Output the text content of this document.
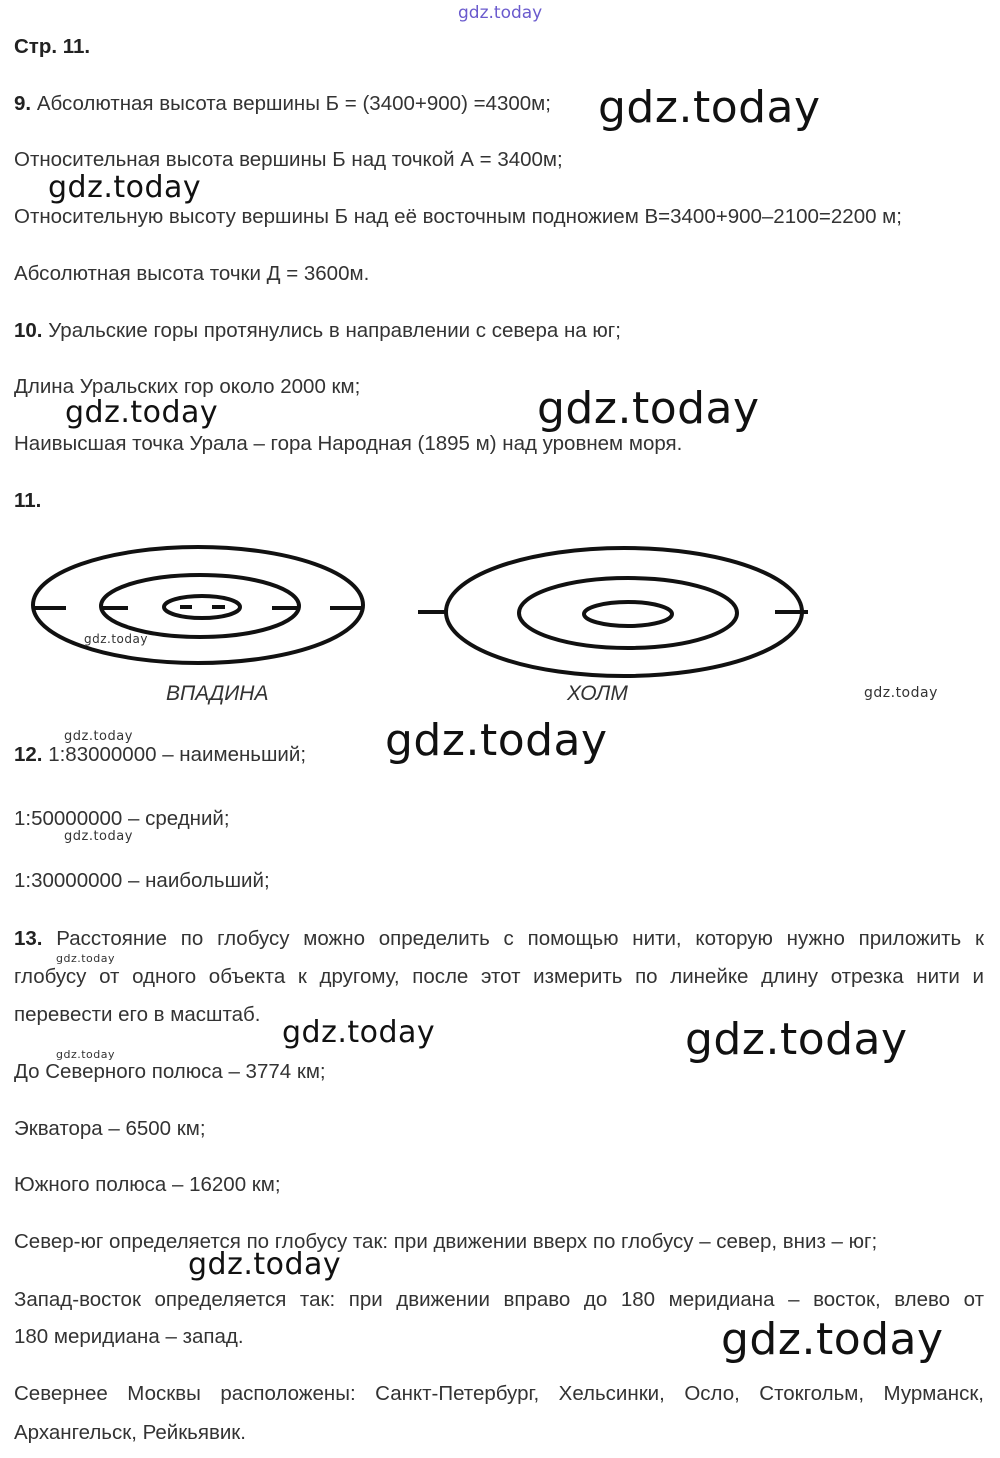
gdz.today
Стр. 11.
9. Абсолютная высота вершины Б = (3400+900) =4300м;
Относительная высота вершины Б над точкой А = 3400м;
Относительную высоту вершины Б над её восточным подножием В=3400+900–2100=2200 м;
Абсолютная высота точки Д = 3600м.
10. Уральские горы протянулись в направлении с севера на юг;
Длина Уральских гор около 2000 км;
Наивысшая точка Урала – гора Народная (1895 м) над уровнем моря.
11.
ВПАДИНА	ХОЛМ
12. 1:83000000 – наименьший;
1:50000000 – средний;
1:30000000 – наибольший;
13. Расстояние по глобусу можно определить с помощью нити, которую нужно приложить к
глобусу от одного объекта к другому, после этот измерить по линейке длину отрезка нити и
перевести его в масштаб.
До Северного полюса – 3774 км;
Экватора – 6500 км;
Южного полюса – 16200 км;
Север-юг определяется по глобусу так: при движении вверх по глобусу – север, вниз – юг;
Запад-восток определяется так: при движении вправо до 180 меридиана – восток, влево от
180 меридиана – запад.
Севернее Москвы расположены: Санкт-Петербург, Хельсинки, Осло, Стокгольм, Мурманск,
Архангельск, Рейкьявик.
gdz.today
gdz.today
gdz.today	gdz.today
gdz.today
gdz.today
gdz.today	gdz.today
gdz.today
gdz.today
gdz.today	gdz.today
gdz.today
gdz.today
gdz.today
